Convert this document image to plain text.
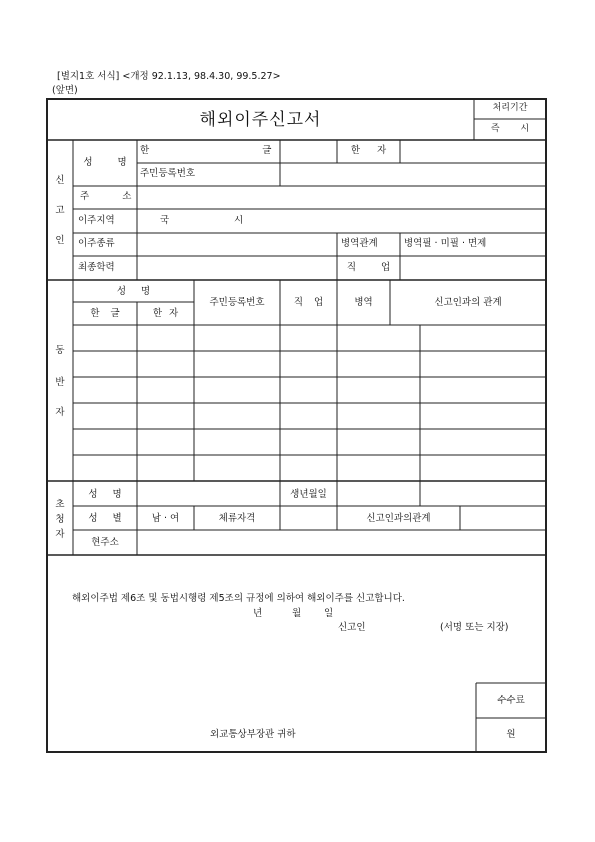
[별지1호 서식] <개정 92.1.13, 98.4.30, 99.5.27>
(앞면)
해외이주신고서
처리기간
즉 시
신
고
인
성 명
한 글	한 자
주민등록번호
주 소
이주지역	국	시
이주종류	병역관계	병역필 · 미필 · 면제
최종학력	직 업
동
반
자
성 명
한 글	한 자
주민등록번호	직 업	병역	신고인과의 관계
초
청
자
성 명	생년월일
성 별	남 · 여	체류자격	신고인과의관계
현주소
해외이주법 제6조 및 동법시행령 제5조의 규정에 의하여 해외이주를 신고합니다.
년	월 일
신고인	(서명 또는 지장)
수수료
원
외교통상부장관 귀하
